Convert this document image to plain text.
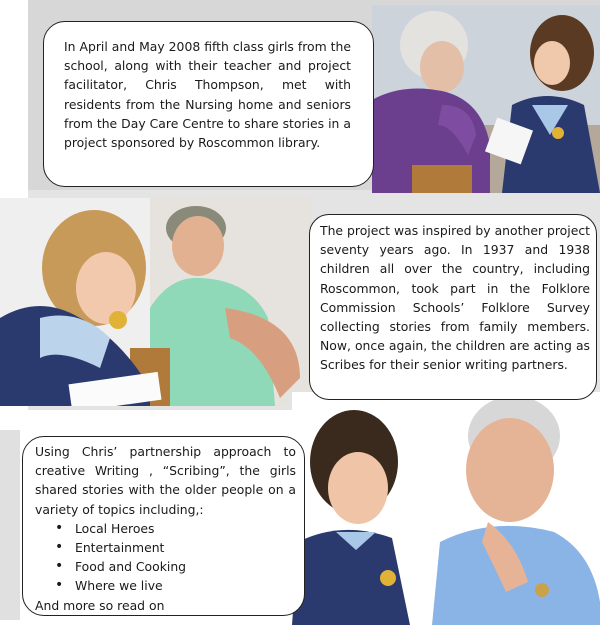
In April and May 2008 fifth class girls from the school, along with their teacher and project facilitator, Chris Thompson, met with residents from the Nursing home and seniors from the Day Care Centre to share stories in a project sponsored by Roscommon library.
The project was inspired by another project seventy years ago. In 1937 and 1938 children all over the country, including Roscommon, took part in the Folklore Commission Schools’ Folklore Survey collecting stories from family members. Now, once again, the children are acting as Scribes for their senior writing partners.
Using Chris’ partnership approach to creative Writing , “Scribing”, the girls shared stories with the older people on a variety of topics including,:
• Local Heroes
• Entertainment
• Food and Cooking
• Where we live
And more so read on
